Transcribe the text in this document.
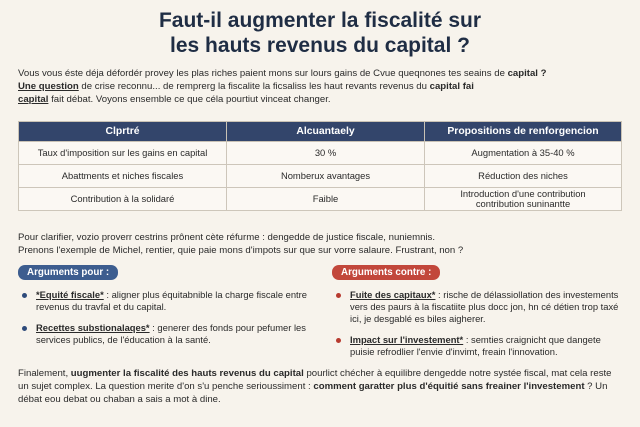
Faut-il augmenter la fiscalité sur
les hauts revenus du capital ?

Vous vous éste déja défordér provey les plas riches paient mons sur lours gains de Cvue queqnones tes seains de capital ?
Une question de crise reconnu... de remprerg la fiscalite la ficsaliss les haut revants revenus du capital fai
capital fait débat. Voyons ensemble ce que céla pourtiut vinceat changer.

Clprtré	Alcuantaely	Propositions de renforgencion
Taux d'imposition sur les gains en capital	30 %	Augmentation à 35-40 %
Abattments et niches fiscales	Nomberux avantages	Réduction des niches
Contribution à la solidaré	Faible	Introduction d'une contribution
contribution suninantte

Pour clarifier, vozio proverr cestrins prônent cète réfurme : dengedde de justice fiscale, nuniemnis.
Prenons l'exemple de Michel, rentier, quie paie mons d'impots sur que sur vorre salaure. Frustrant, non ?

Arguments pour :	Arguments contre :
*Equité fiscale* : aligner plus équitabnible la charge fiscale entre revenus du travfal et du capital.
Recettes substionalaqes* : generer des fonds pour pefumer les services publics, de l'éducation à la santé.
Fuite des capitaux* : rische de délassiollation des investements vers des paurs à la fiscatiite plus docc jon, hn cé détien trop taxé ici, je desgablé es biles aigherer.
Impact sur l'investement* : semties craignicht que dangete puisie refrodlier l'envie d'invimt, freain l'innovation.

Finalement, uugmenter la fiscalité des hauts revenus du capital pourlict chécher à equilibre dengedde notre systée fiscal, mat cela reste un sujet complex. La question merite d'on s'u penche serioussiment : comment garatter plus d'équitié sans freainer l'investement ? Un débat eou debat ou chaban a sais a mot à dine.
